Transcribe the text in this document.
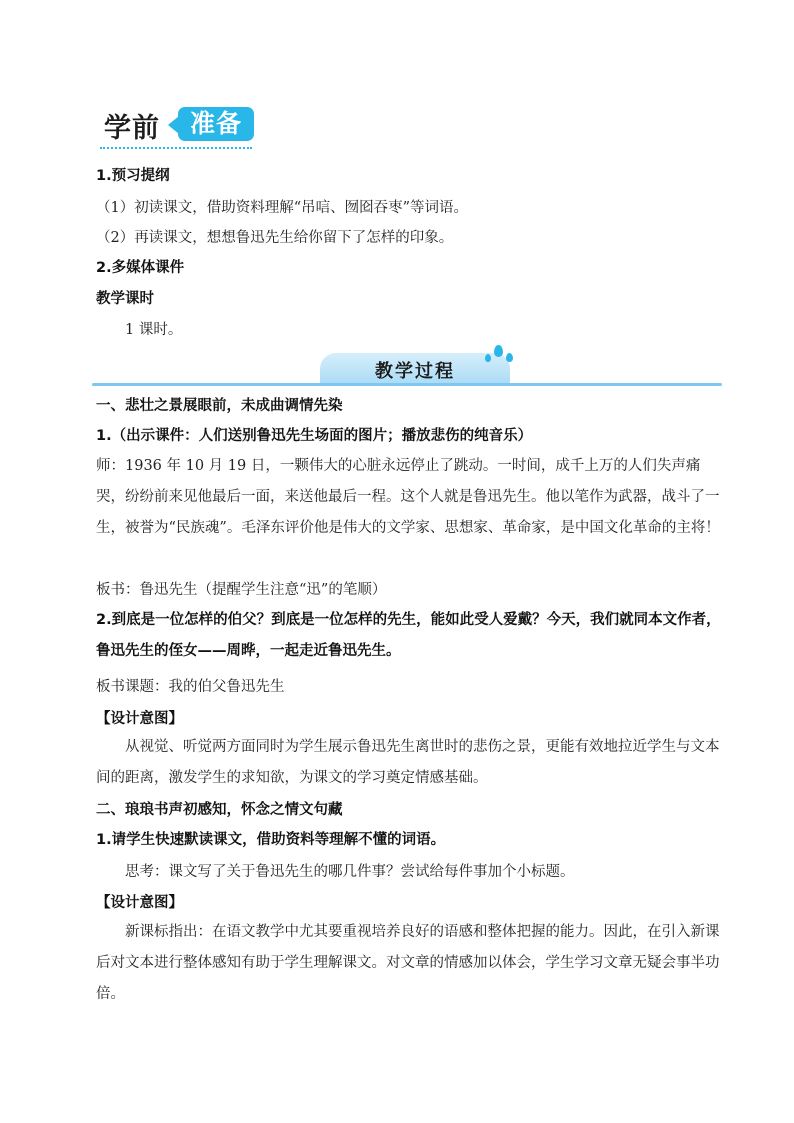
学前	准备
1.预习提纲
（1）初读课文，借助资料理解“吊唁、囫囵吞枣”等词语。
（2）再读课文，想想鲁迅先生给你留下了怎样的印象。
2.多媒体课件
教学课时
1 课时。
教学过程
一、悲壮之景展眼前，未成曲调情先染
1.（出示课件：人们送别鲁迅先生场面的图片；播放悲伤的纯音乐）
师：1936 年 10 月 19 日，一颗伟大的心脏永远停止了跳动。一时间，成千上万的人们失声痛哭，纷纷前来见他最后一面，来送他最后一程。这个人就是鲁迅先生。他以笔作为武器，战斗了一生，被誉为“民族魂”。毛泽东评价他是伟大的文学家、思想家、革命家，是中国文化革命的主将！
板书：鲁迅先生（提醒学生注意“迅”的笔顺）
2.到底是一位怎样的伯父？到底是一位怎样的先生，能如此受人爱戴？今天，我们就同本文作者，鲁迅先生的侄女——周晔，一起走近鲁迅先生。
板书课题：我的伯父鲁迅先生
【设计意图】
从视觉、听觉两方面同时为学生展示鲁迅先生离世时的悲伤之景，更能有效地拉近学生与文本间的距离，激发学生的求知欲，为课文的学习奠定情感基础。
二、琅琅书声初感知，怀念之情文句藏
1.请学生快速默读课文，借助资料等理解不懂的词语。
思考：课文写了关于鲁迅先生的哪几件事？尝试给每件事加个小标题。
【设计意图】
新课标指出：在语文教学中尤其要重视培养良好的语感和整体把握的能力。因此，在引入新课后对文本进行整体感知有助于学生理解课文。对文章的情感加以体会，学生学习文章无疑会事半功倍。
